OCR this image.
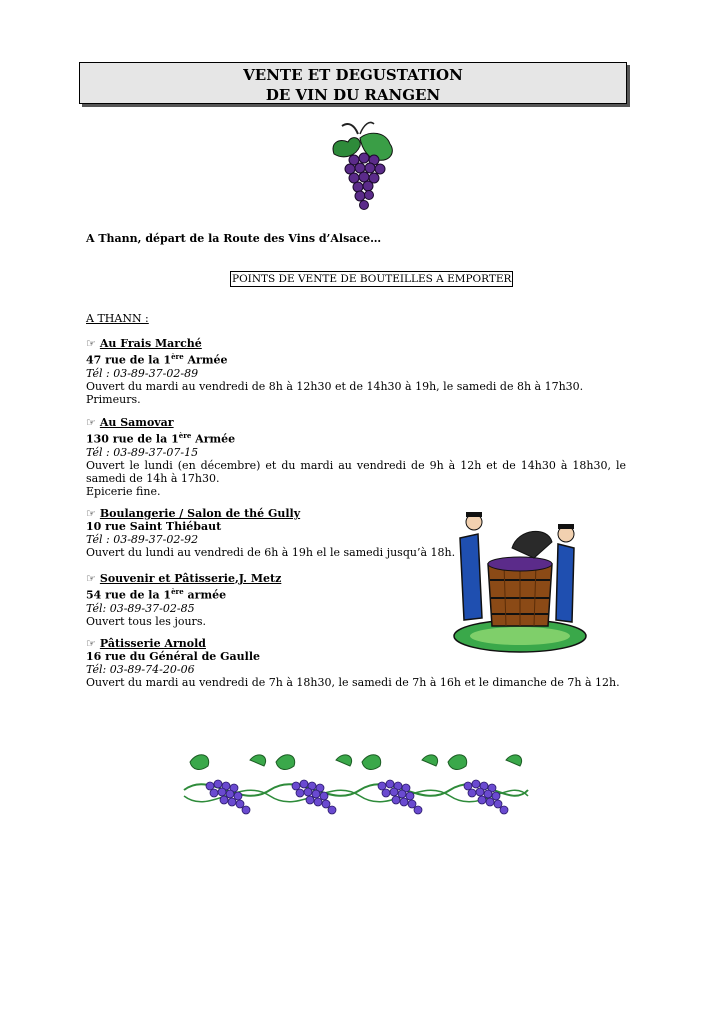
VENTE ET DEGUSTATION
DE VIN DU RANGEN
A Thann, départ de la Route des Vins d’Alsace…
POINTS DE VENTE DE BOUTEILLES A EMPORTER
A THANN :
☞ Au Frais Marché
47 rue de la 1ère Armée
Tél : 03-89-37-02-89
Ouvert du mardi au vendredi de 8h à 12h30 et de 14h30 à 19h, le samedi de 8h à 17h30.
Primeurs.
☞ Au Samovar
130 rue de la 1ère Armée
Tél : 03-89-37-07-15
Ouvert le lundi (en décembre) et du mardi au vendredi de 9h à 12h et de 14h30 à 18h30, le samedi de 14h à 17h30.
Epicerie fine.
☞ Boulangerie / Salon de thé Gully
10 rue Saint Thiébaut
Tél : 03-89-37-02-92
Ouvert du lundi au vendredi de 6h à 19h el le samedi jusqu’à 18h.
☞ Souvenir et Pâtisserie,J. Metz
54 rue de la 1ère armée
Tél: 03-89-37-02-85
Ouvert tous les jours.
☞ Pâtisserie Arnold
16 rue du Général de Gaulle
Tél: 03-89-74-20-06
Ouvert du mardi au vendredi de 7h à 18h30, le samedi de 7h à 16h et le dimanche de 7h à 12h.
